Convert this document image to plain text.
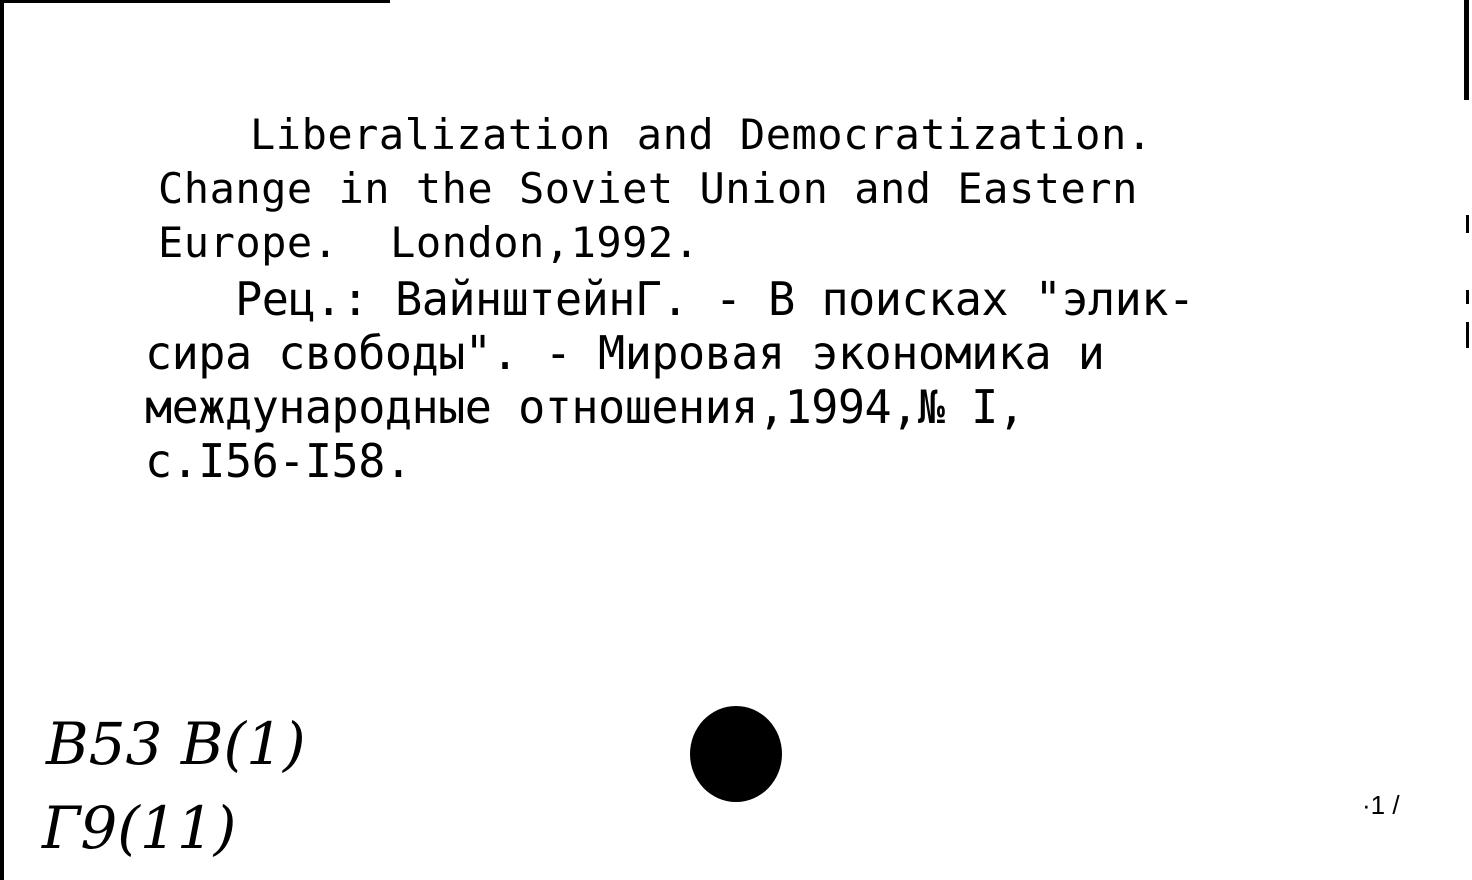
Liberalization and Democratization.
Change in the Soviet Union and Eastern
Europe.  London,1992.
Рец.: ВайнштейнГ. - В поисках "элик-
сира свободы". - Мировая экономика и
международные отношения,1994,№ I,
c.I56-I58.
B53 B(1)
Г9(11)	·1 /
